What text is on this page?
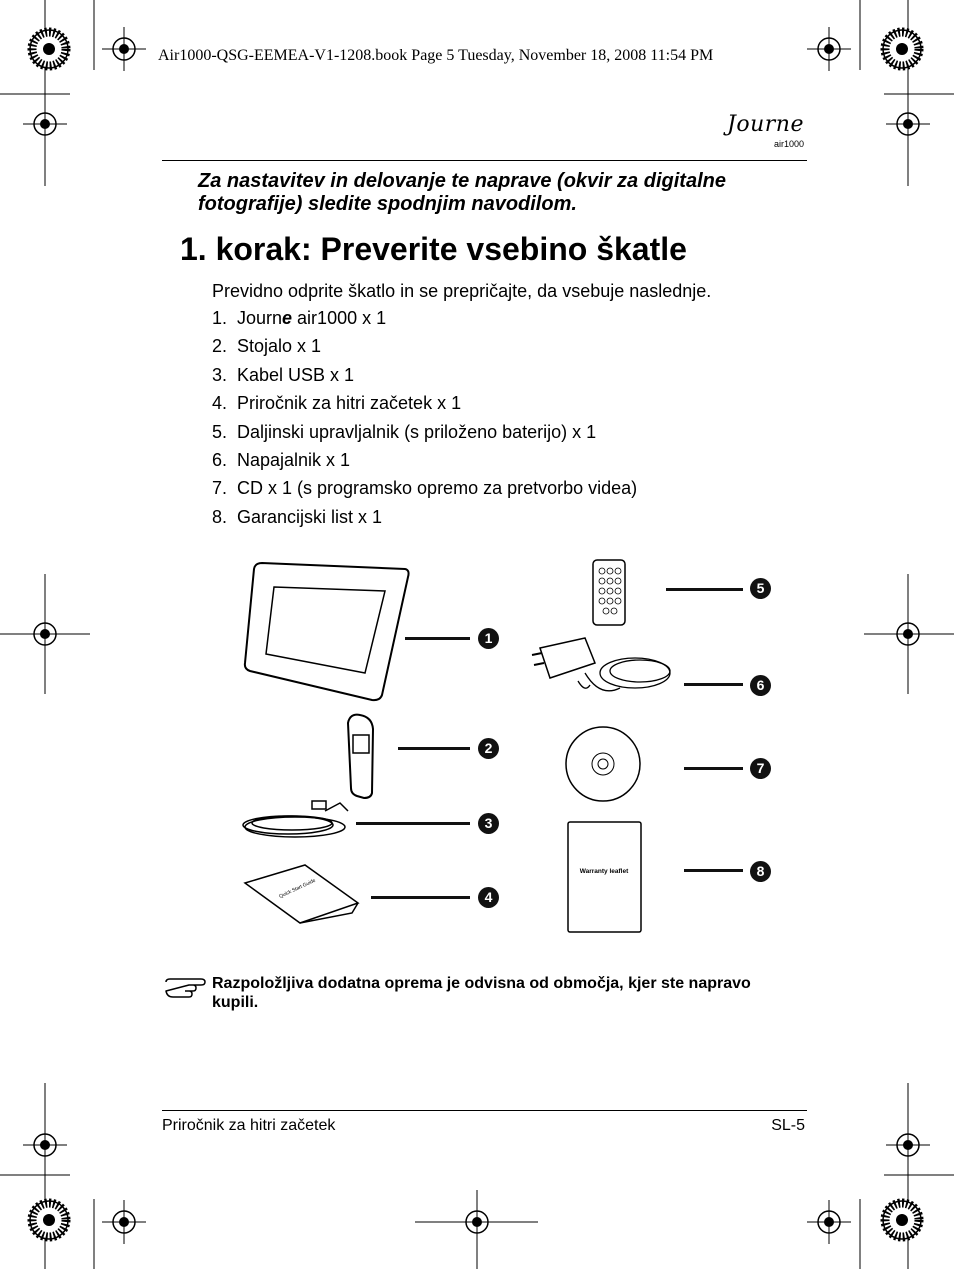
Air1000-QSG-EEMEA-V1-1208.book Page 5 Tuesday, November 18, 2008 11:54 PM
Journe
air1000
Za nastavitev in delovanje te naprave (okvir za digitalne fotografije) sledite spodnjim navodilom.
1. korak: Preverite vsebino škatle
Previdno odprite škatlo in se prepričajte, da vsebuje naslednje.
1. Journe air1000 x 1
2. Stojalo x 1
3. Kabel USB x 1
4. Priročnik za hitri začetek x 1
5. Daljinski upravljalnik (s priloženo baterijo) x 1
6. Napajalnik x 1
7. CD x 1 (s programsko opremo za pretvorbo videa)
8. Garancijski list x 1
Quick Start Guide
Warranty leaflet
1
2
3
4
5
6
7
8
Razpoložljiva dodatna oprema je odvisna od območja, kjer ste napravo kupili.
Priročnik za hitri začetek	SL-5
